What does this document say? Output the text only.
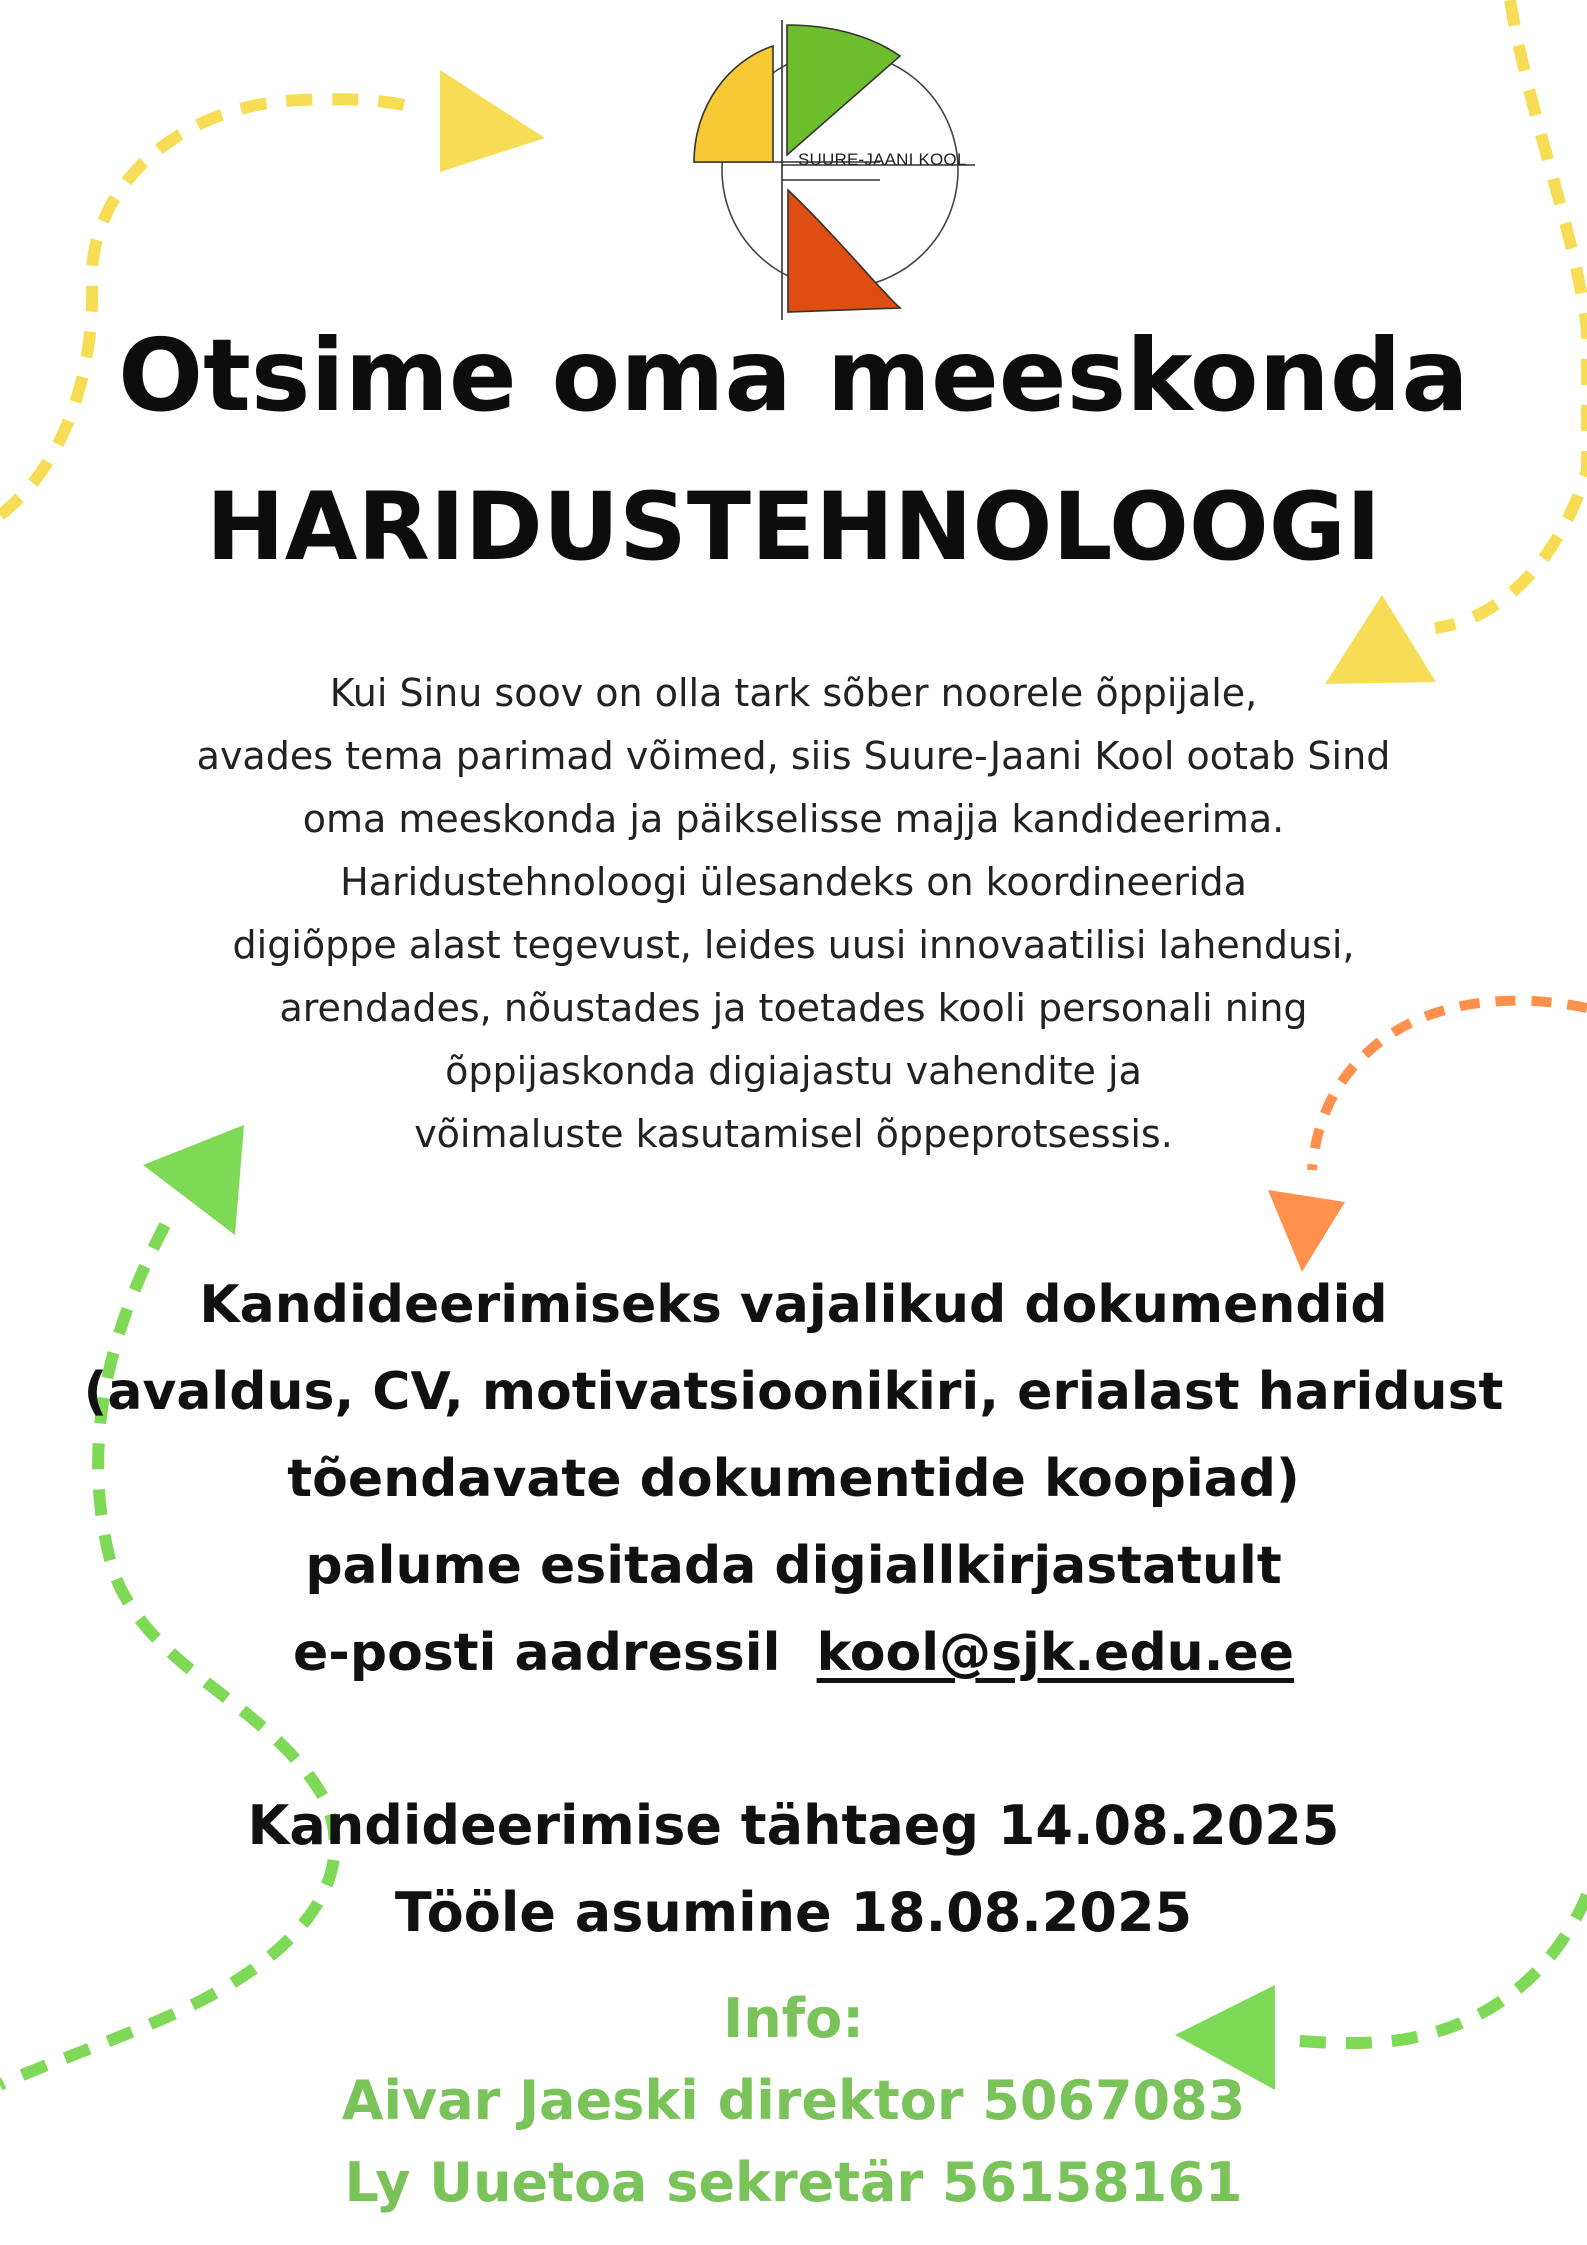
SUURE-JAANI KOOL
Otsime oma meeskonda
HARIDUSTEHNOLOOGI

Kui Sinu soov on olla tark sõber noorele õppijale,
avades tema parimad võimed, siis Suure-Jaani Kool ootab Sind
oma meeskonda ja päikselisse majja kandideerima.
Haridustehnoloogi ülesandeks on koordineerida
digiõppe alast tegevust, leides uusi innovaatilisi lahendusi,
arendades, nõustades ja toetades kooli personali ning
õppijaskonda digiajastu vahendite ja
võimaluste kasutamisel õppeprotsessis.

Kandideerimiseks vajalikud dokumendid
(avaldus, CV, motivatsioonikiri, erialast haridust
tõendavate dokumentide koopiad)
palume esitada digiallkirjastatult
e-posti aadressil  kool@sjk.edu.ee
Kandideerimise tähtaeg 14.08.2025
Tööle asumine 18.08.2025
Info:
Aivar Jaeski direktor 5067083
Ly Uuetoa sekretär 56158161
